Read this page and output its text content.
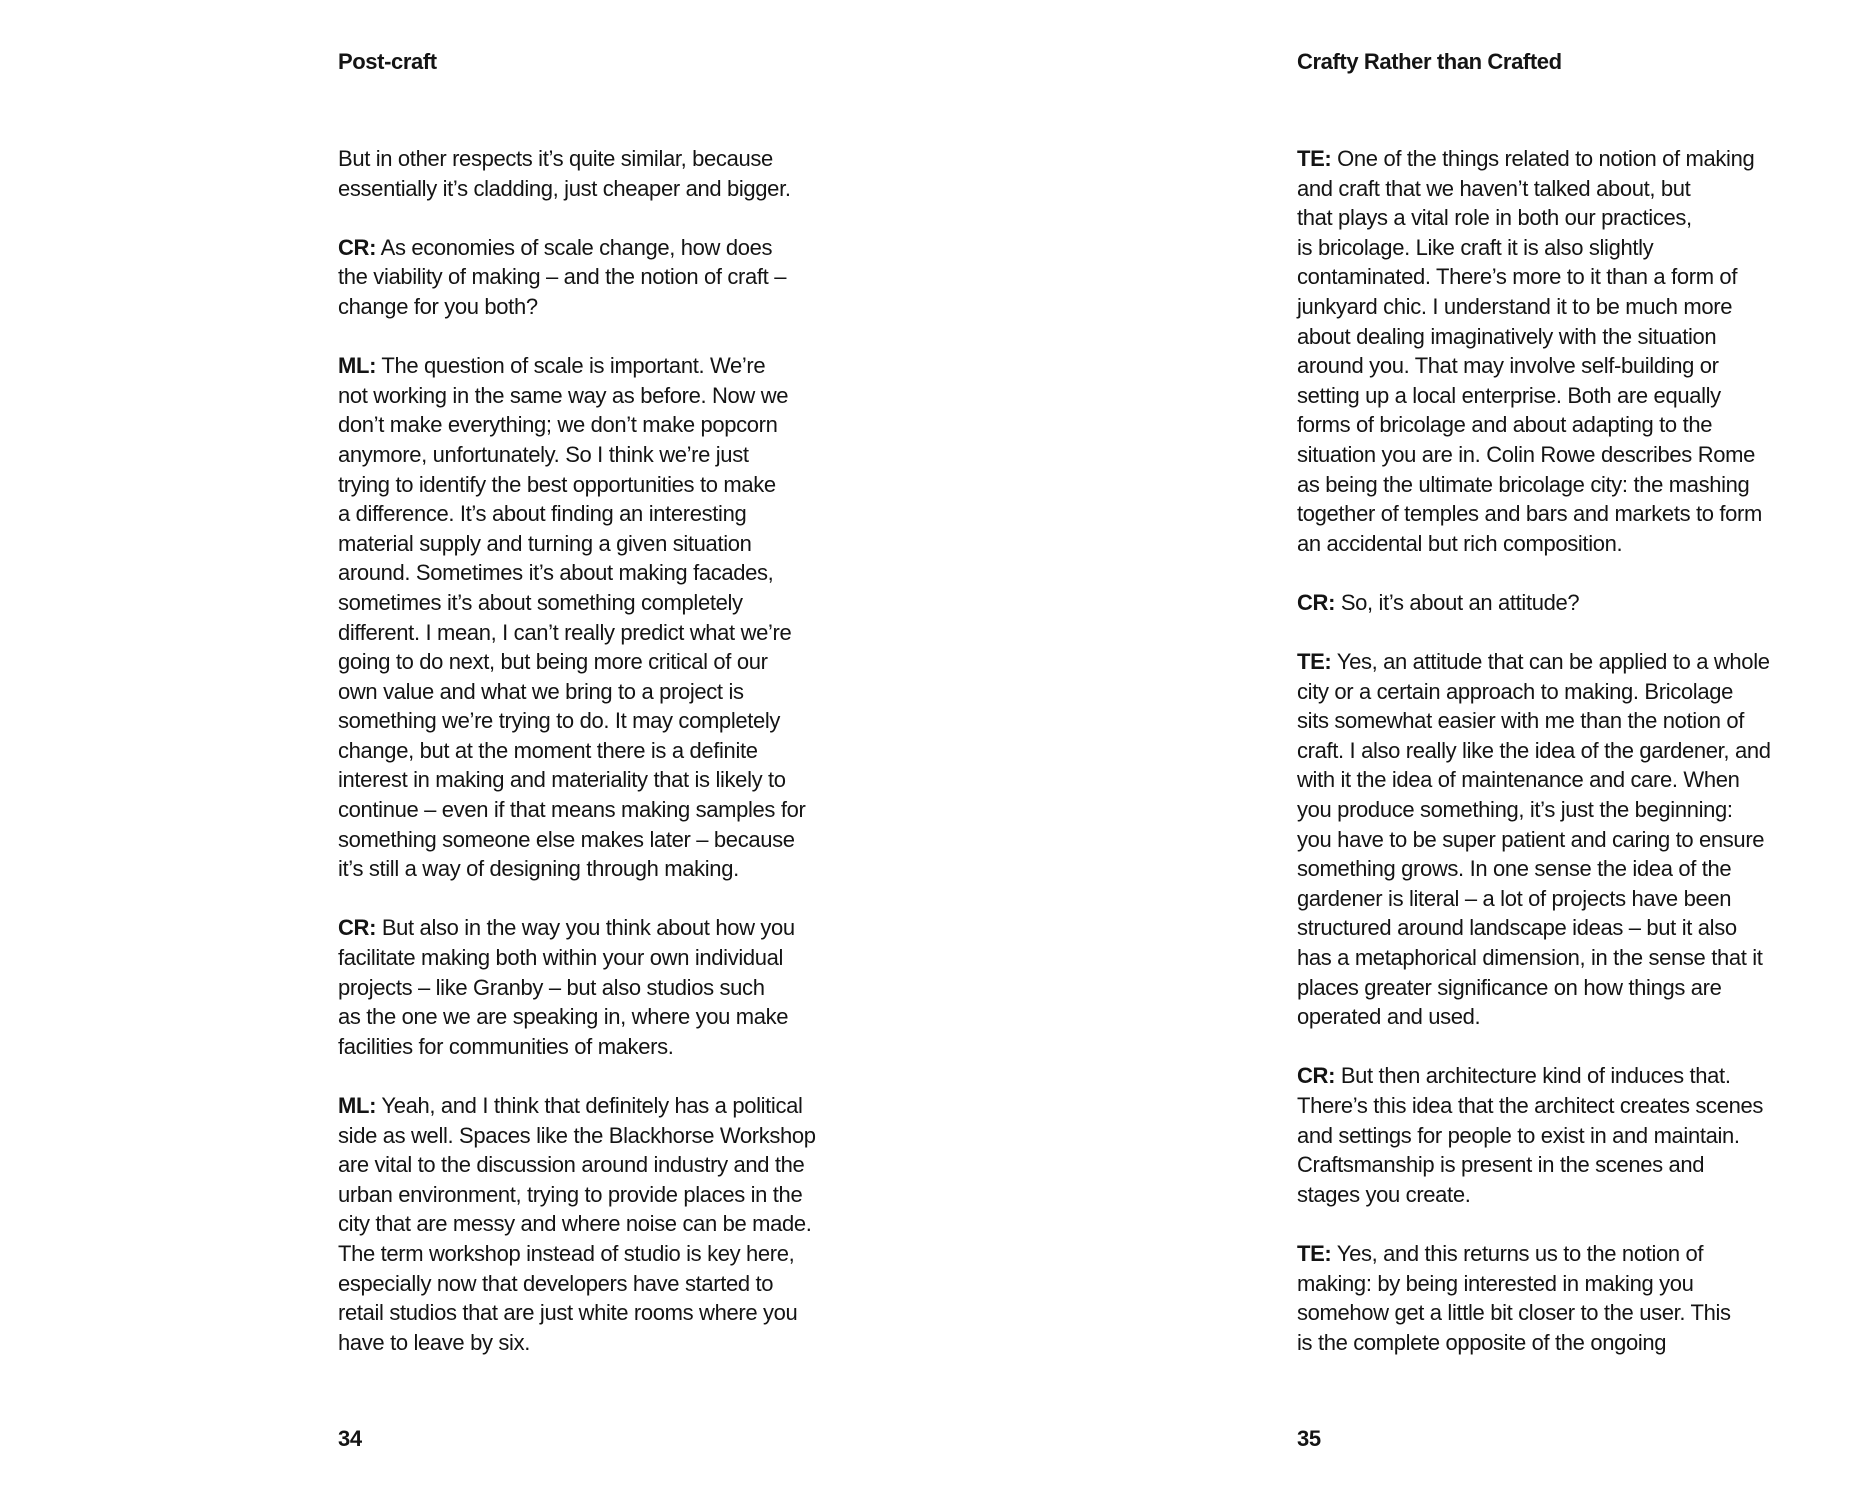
Post-craft

But in other respects it’s quite similar, because
essentially it’s cladding, just cheaper and bigger.

CR: As economies of scale change, how does
the viability of making – and the notion of craft –
change for you both?

ML: The question of scale is important. We’re
not working in the same way as before. Now we
don’t make everything; we don’t make popcorn
anymore, unfortunately. So I think we’re just
trying to identify the best opportunities to make
a difference. It’s about finding an interesting
material supply and turning a given situation
around. Sometimes it’s about making facades,
sometimes it’s about something completely
different. I mean, I can’t really predict what we’re
going to do next, but being more critical of our
own value and what we bring to a project is
something we’re trying to do. It may completely
change, but at the moment there is a definite
interest in making and materiality that is likely to
continue – even if that means making samples for
something someone else makes later – because
it’s still a way of designing through making.

CR: But also in the way you think about how you
facilitate making both within your own individual
projects – like Granby – but also studios such
as the one we are speaking in, where you make
facilities for communities of makers.

ML: Yeah, and I think that definitely has a political
side as well. Spaces like the Blackhorse Workshop
are vital to the discussion around industry and the
urban environment, trying to provide places in the
city that are messy and where noise can be made.
The term workshop instead of studio is key here,
especially now that developers have started to
retail studios that are just white rooms where you
have to leave by six.

34
Crafty Rather than Crafted

TE: One of the things related to notion of making
and craft that we haven’t talked about, but
that plays a vital role in both our practices,
is bricolage. Like craft it is also slightly
contaminated. There’s more to it than a form of
junkyard chic. I understand it to be much more
about dealing imaginatively with the situation
around you. That may involve self-building or
setting up a local enterprise. Both are equally
forms of bricolage and about adapting to the
situation you are in. Colin Rowe describes Rome
as being the ultimate bricolage city: the mashing
together of temples and bars and markets to form
an accidental but rich composition.

CR: So, it’s about an attitude?

TE: Yes, an attitude that can be applied to a whole
city or a certain approach to making. Bricolage
sits somewhat easier with me than the notion of
craft. I also really like the idea of the gardener, and
with it the idea of maintenance and care. When
you produce something, it’s just the beginning:
you have to be super patient and caring to ensure
something grows. In one sense the idea of the
gardener is literal – a lot of projects have been
structured around landscape ideas – but it also
has a metaphorical dimension, in the sense that it
places greater significance on how things are
operated and used.

CR: But then architecture kind of induces that.
There’s this idea that the architect creates scenes
and settings for people to exist in and maintain.
Craftsmanship is present in the scenes and
stages you create.

TE: Yes, and this returns us to the notion of
making: by being interested in making you
somehow get a little bit closer to the user. This
is the complete opposite of the ongoing

35
